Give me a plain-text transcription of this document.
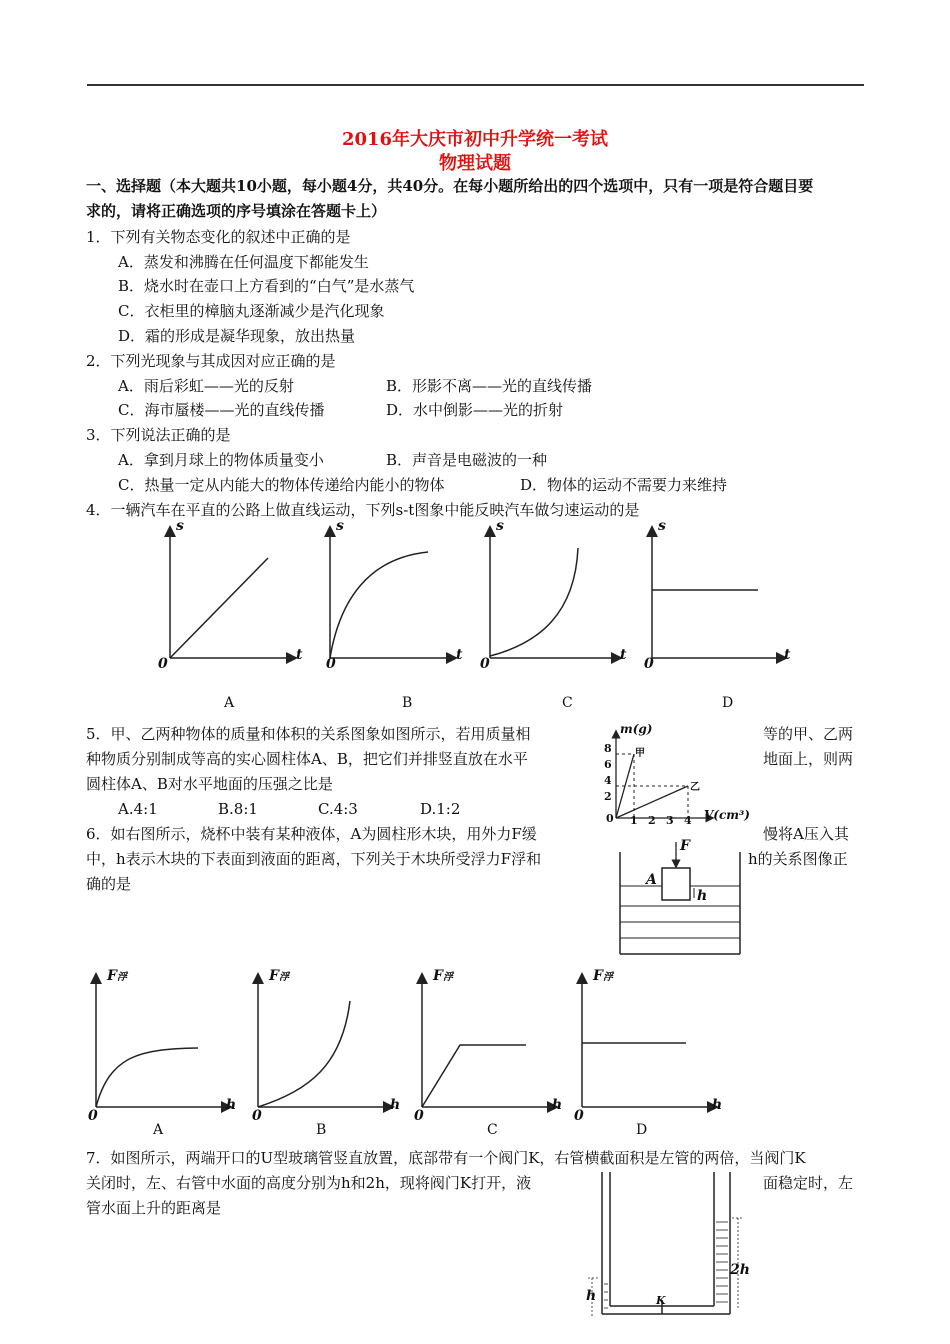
2016年大庆市初中升学统一考试
物理试题
一、选择题（本大题共10小题，每小题4分，共40分。在每小题所给出的四个选项中，只有一项是符合题目要
求的，请将正确选项的序号填涂在答题卡上）
1．下列有关物态变化的叙述中正确的是
A．蒸发和沸腾在任何温度下都能发生
B．烧水时在壶口上方看到的“白气”是水蒸气
C．衣柜里的樟脑丸逐渐减少是汽化现象
D．霜的形成是凝华现象，放出热量
2．下列光现象与其成因对应正确的是
A．雨后彩虹——光的反射	B．形影不离——光的直线传播
C．海市蜃楼——光的直线传播	D．水中倒影——光的折射
3．下列说法正确的是
A．拿到月球上的物体质量变小	B．声音是电磁波的一种
C．热量一定从内能大的物体传递给内能小的物体	D．物体的运动不需要力来维持
4．一辆汽车在平直的公路上做直线运动，下列s-t图象中能反映汽车做匀速运动的是
s
t
0
s
t
0
s
t
0
s
t
0
A	B	C	D
5．甲、乙两种物体的质量和体积的关系图象如图所示，若用质量相	等的甲、乙两
种物质分别制成等高的实心圆柱体A、B，把它们并排竖直放在水平	地面上，则两
圆柱体A、B对水平地面的压强之比是
A.4:1	B.8:1	C.4:3	D.1:2
m(g)
V(cm³)
甲
乙
8
6
4
2
0 1 2 3 4
6．如右图所示，烧杯中装有某种液体，A为圆柱形木块，用外力F缓	慢将A压入其
中，h表示木块的下表面到液面的距离，下列关于木块所受浮力F浮和	h的关系图像正
确的是
F
A
h
F浮
h
0
F浮
h
0
F浮
h
0
F浮
h
0
A	B	C	D
7．如图所示，两端开口的U型玻璃管竖直放置，底部带有一个阀门K，右管横截面积是左管的两倍，当阀门K
关闭时，左、右管中水面的高度分别为h和2h，现将阀门K打开，液	面稳定时，左
管水面上升的距离是
2h
h	K
